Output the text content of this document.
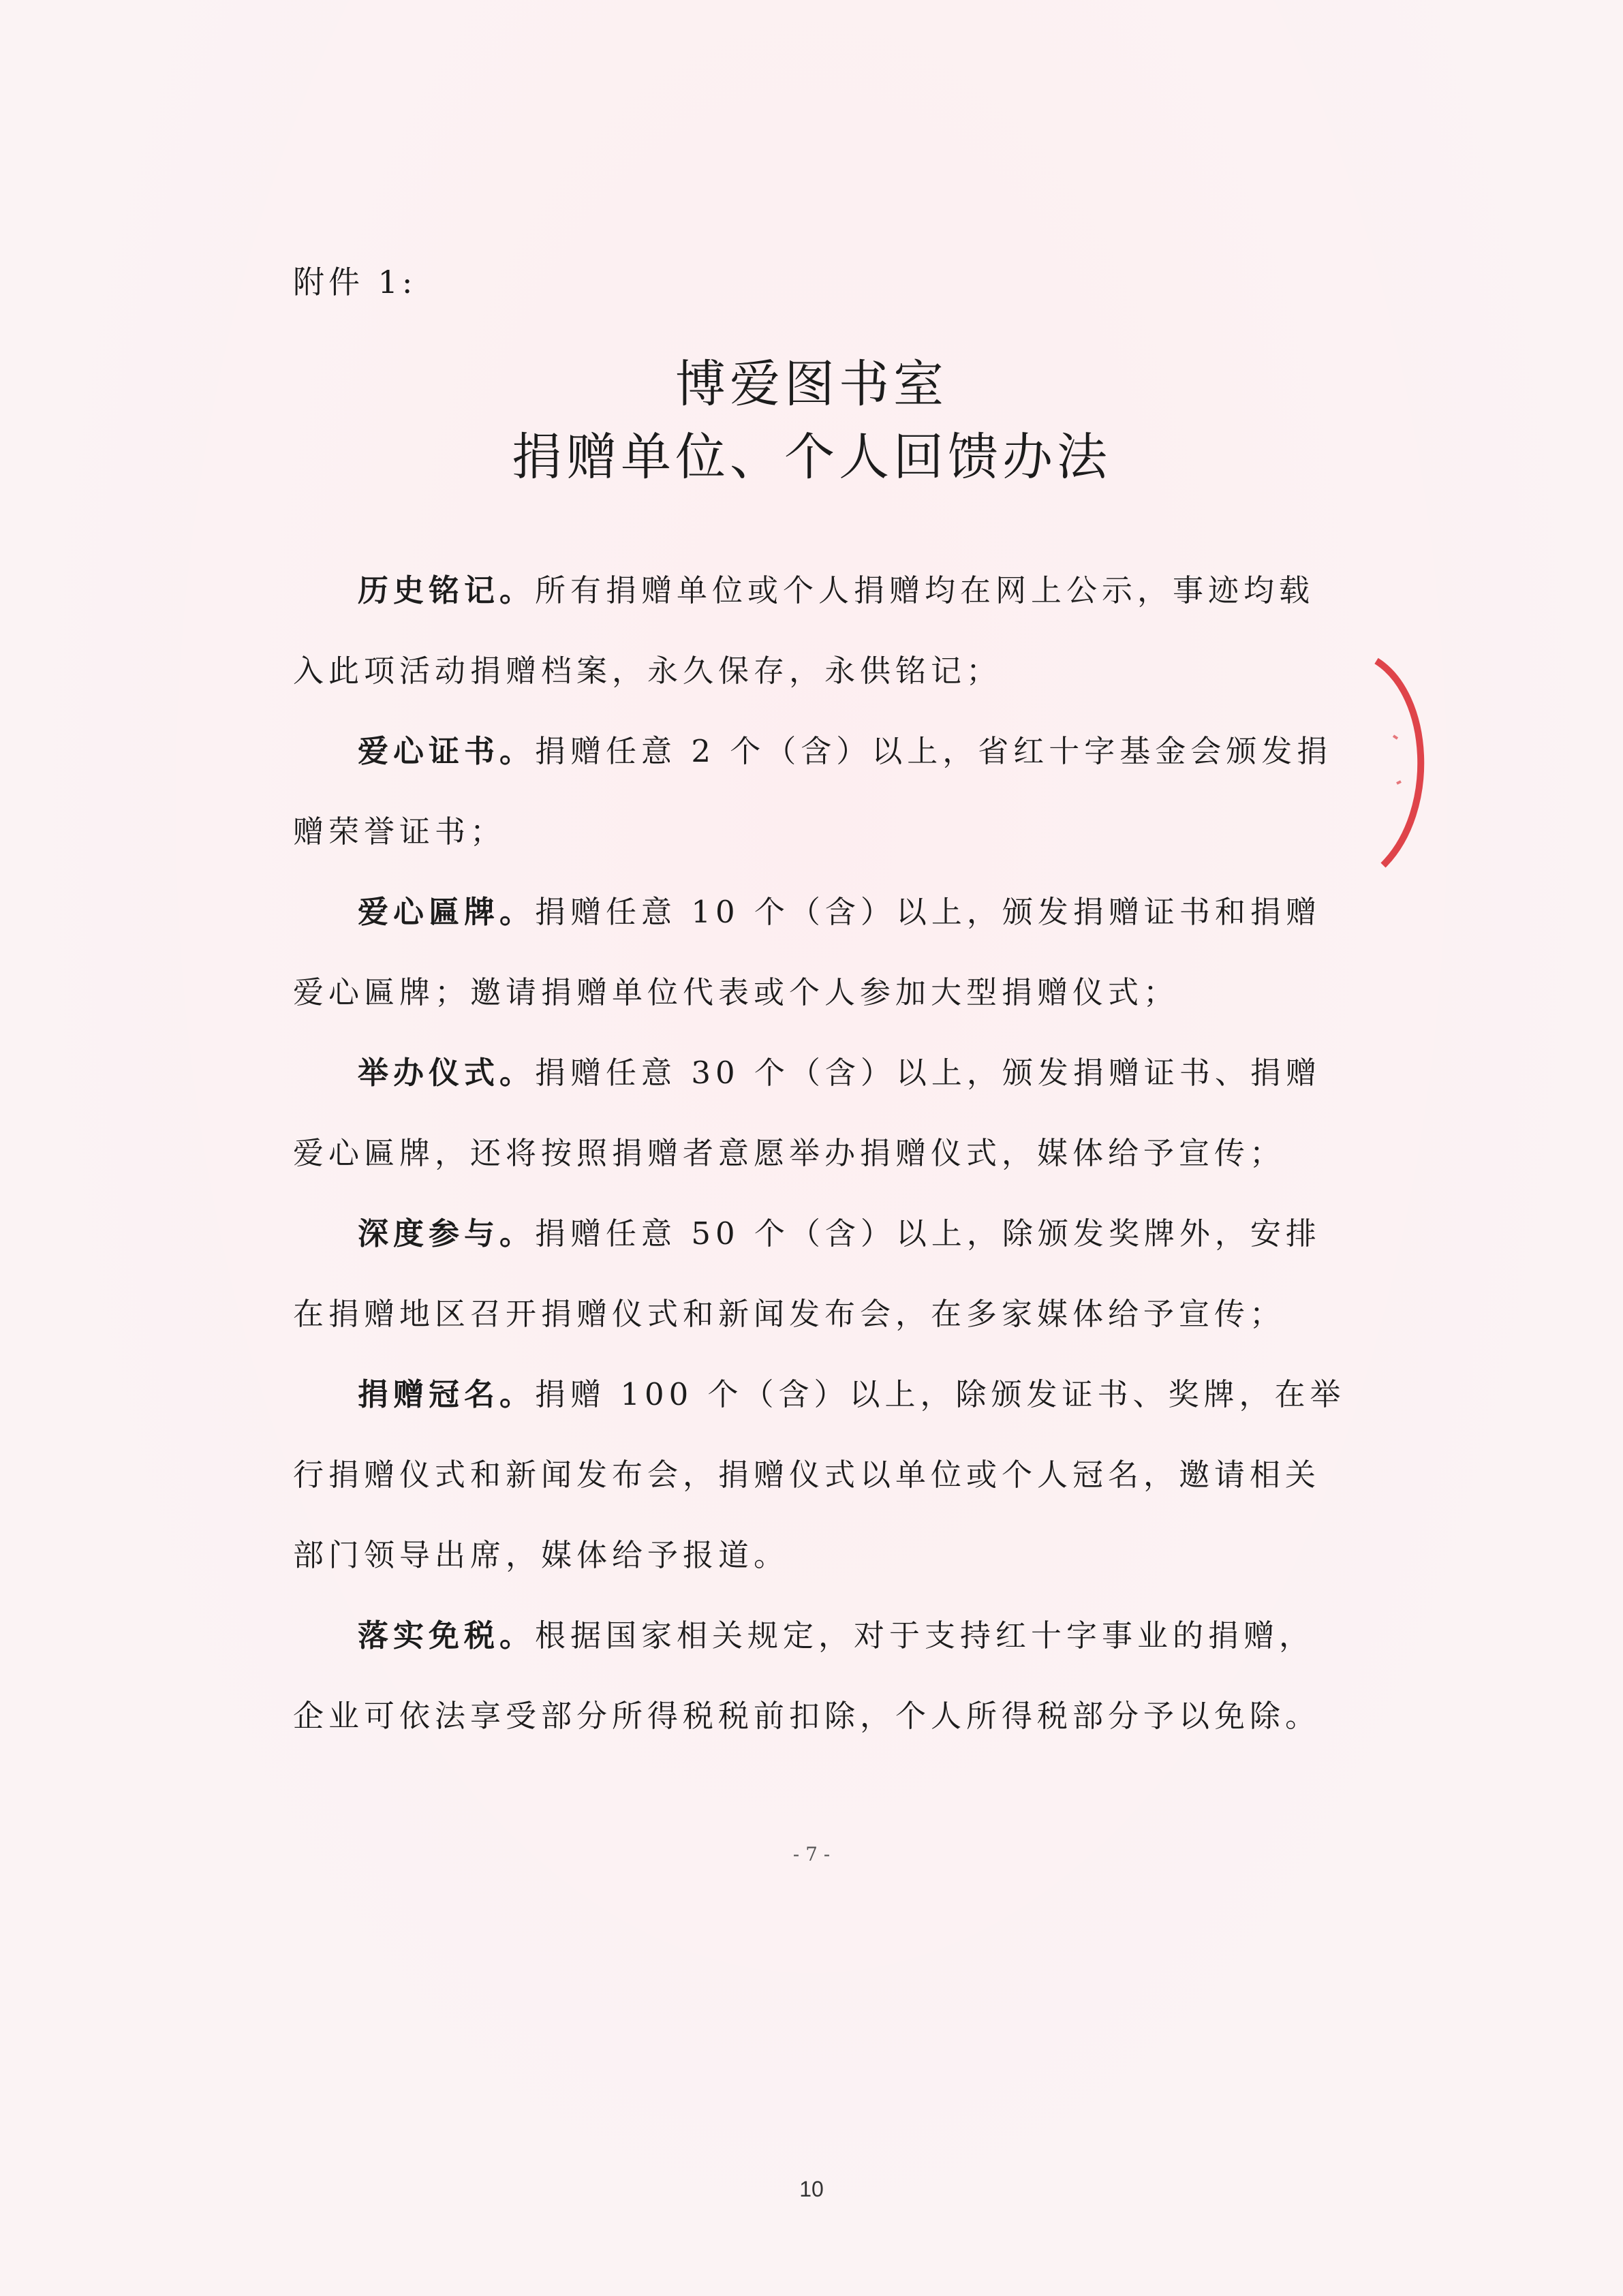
附件 1:
博爱图书室
捐赠单位、个人回馈办法
历史铭记。所有捐赠单位或个人捐赠均在网上公示，事迹均载
入此项活动捐赠档案，永久保存，永供铭记；
爱心证书。捐赠任意 2 个（含）以上，省红十字基金会颁发捐
赠荣誉证书；
爱心匾牌。捐赠任意 10 个（含）以上，颁发捐赠证书和捐赠
爱心匾牌；邀请捐赠单位代表或个人参加大型捐赠仪式；
举办仪式。捐赠任意 30 个（含）以上，颁发捐赠证书、捐赠
爱心匾牌，还将按照捐赠者意愿举办捐赠仪式，媒体给予宣传；
深度参与。捐赠任意 50 个（含）以上，除颁发奖牌外，安排
在捐赠地区召开捐赠仪式和新闻发布会，在多家媒体给予宣传；
捐赠冠名。捐赠 100 个（含）以上，除颁发证书、奖牌，在举
行捐赠仪式和新闻发布会，捐赠仪式以单位或个人冠名，邀请相关
部门领导出席，媒体给予报道。
落实免税。根据国家相关规定，对于支持红十字事业的捐赠，
企业可依法享受部分所得税税前扣除，个人所得税部分予以免除。
- 7 -
10
